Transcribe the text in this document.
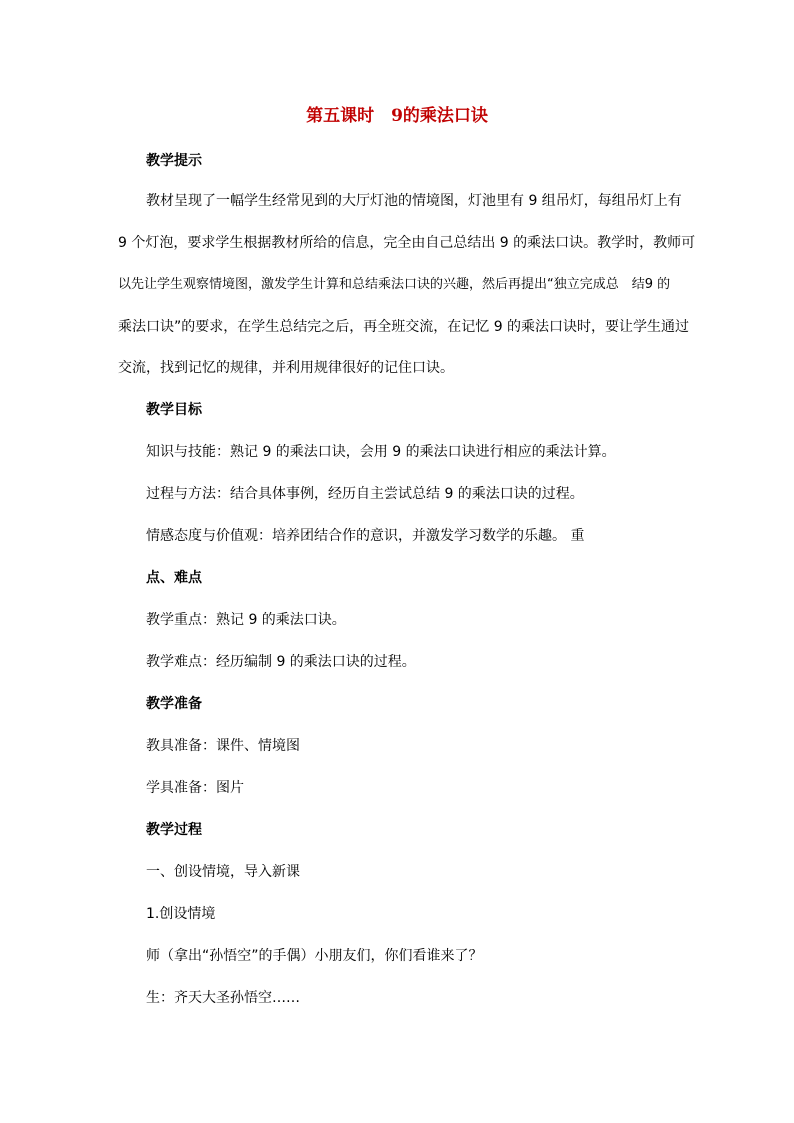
第五课时　9的乘法口诀
教学提示
教材呈现了一幅学生经常见到的大厅灯池的情境图，灯池里有 9 组吊灯，每组吊灯上有
9 个灯泡，要求学生根据教材所给的信息，完全由自己总结出 9 的乘法口诀。教学时，教师可
以先让学生观察情境图，激发学生计算和总结乘法口诀的兴趣，然后再提出“独立完成总　结9 的
乘法口诀”的要求，在学生总结完之后，再全班交流，在记忆 9 的乘法口诀时，要让学生通过
交流，找到记忆的规律，并利用规律很好的记住口诀。
教学目标
知识与技能：熟记 9 的乘法口诀，会用 9 的乘法口诀进行相应的乘法计算。
过程与方法：结合具体事例，经历自主尝试总结 9 的乘法口诀的过程。
情感态度与价值观：培养团结合作的意识，并激发学习数学的乐趣。 重
点、难点
教学重点：熟记 9 的乘法口诀。
教学难点：经历编制 9 的乘法口诀的过程。
教学准备
教具准备：课件、情境图
学具准备：图片
教学过程
一、创设情境，导入新课
1.创设情境
师（拿出“孙悟空”的手偶）小朋友们，你们看谁来了？
生：齐天大圣孙悟空……
